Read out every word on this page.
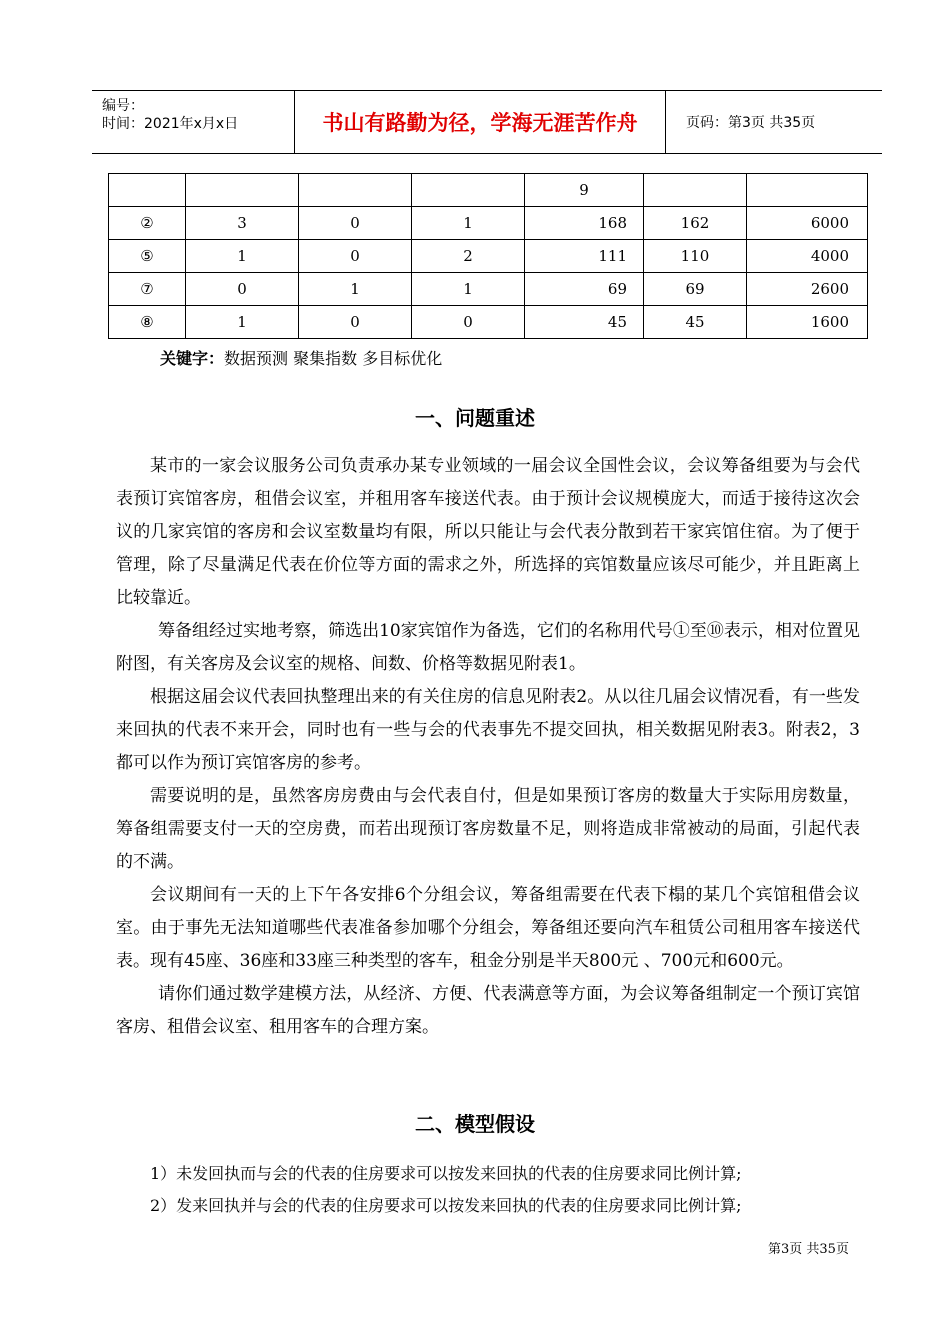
编号：
时间：2021年x月x日	书山有路勤为径，学海无涯苦作舟	页码：第3页 共35页
				9		
②	3	0	1	168	162	6000
⑤	1	0	2	111	110	4000
⑦	0	1	1	69	69	2600
⑧	1	0	0	45	45	1600
关键字：数据预测 聚集指数 多目标优化
一、问题重述

某市的一家会议服务公司负责承办某专业领域的一届会议全国性会议，会议筹备组要为与会代表预订宾馆客房，租借会议室，并租用客车接送代表。由于预计会议规模庞大，而适于接待这次会议的几家宾馆的客房和会议室数量均有限，所以只能让与会代表分散到若干家宾馆住宿。为了便于管理，除了尽量满足代表在价位等方面的需求之外，所选择的宾馆数量应该尽可能少，并且距离上比较靠近。

筹备组经过实地考察，筛选出10家宾馆作为备选，它们的名称用代号①至⑩表示，相对位置见附图，有关客房及会议室的规格、间数、价格等数据见附表1。

根据这届会议代表回执整理出来的有关住房的信息见附表2。从以往几届会议情况看，有一些发来回执的代表不来开会，同时也有一些与会的代表事先不提交回执，相关数据见附表3。附表2，3都可以作为预订宾馆客房的参考。

需要说明的是，虽然客房房费由与会代表自付，但是如果预订客房的数量大于实际用房数量，筹备组需要支付一天的空房费，而若出现预订客房数量不足，则将造成非常被动的局面，引起代表的不满。

会议期间有一天的上下午各安排6个分组会议，筹备组需要在代表下榻的某几个宾馆租借会议室。由于事先无法知道哪些代表准备参加哪个分组会，筹备组还要向汽车租赁公司租用客车接送代表。现有45座、36座和33座三种类型的客车，租金分别是半天800元 、700元和600元。

请你们通过数学建模方法，从经济、方便、代表满意等方面，为会议筹备组制定一个预订宾馆客房、租借会议室、租用客车的合理方案。

二、模型假设
1）未发回执而与会的代表的住房要求可以按发来回执的代表的住房要求同比例计算;
2）发来回执并与会的代表的住房要求可以按发来回执的代表的住房要求同比例计算;
第3页 共35页
